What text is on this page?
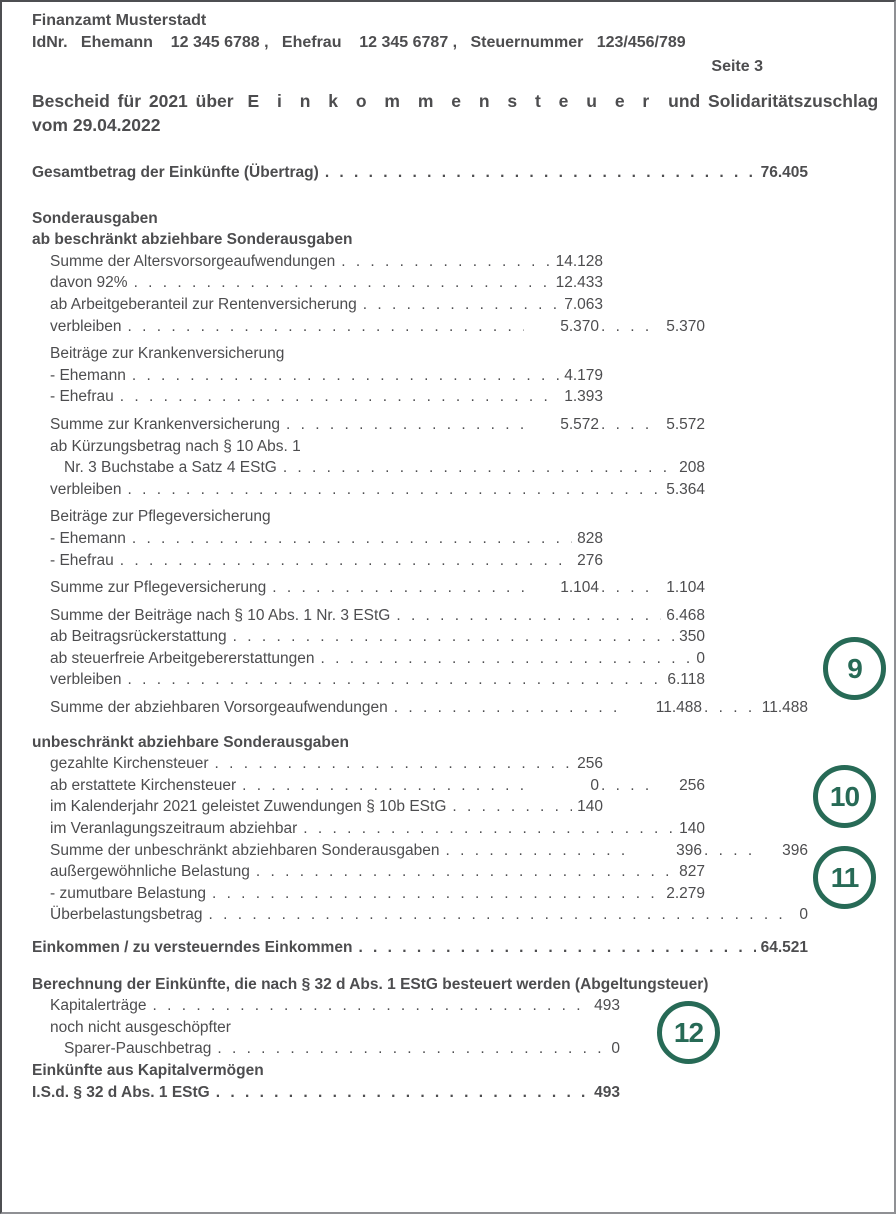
Finanzamt Musterstadt
IdNr.   Ehemann    12 345 6788 ,   Ehefrau    12 345 6787 ,   Steuernummer   123/456/789
Seite 3
Bescheid für 2021 über E i n k o m m e n s t e u e r und Solidaritätszuschlag
vom 29.04.2022
Gesamtbetrag der Einkünfte (Übertrag) . . .	76.405
Sonderausgaben
ab beschränkt abziehbare Sonderausgaben
Summe der Altersvorsorgeaufwendungen . . .	14.128
davon 92% . . .	12.433
ab Arbeitgeberanteil zur Rentenversicherung . . .	7.063
verbleiben . . .	5.370 . . .	5.370
Beiträge zur Krankenversicherung
- Ehemann . . .	4.179
- Ehefrau . . .	1.393
Summe zur Krankenversicherung . . .	5.572 . . .	5.572
ab Kürzungsbetrag nach § 10 Abs. 1
Nr. 3 Buchstabe a Satz 4 EStG . . .	208
verbleiben . . .	5.364
Beiträge zur Pflegeversicherung
- Ehemann . . .	828
- Ehefrau . . .	276
Summe zur Pflegeversicherung . . .	1.104 . . .	1.104
Summe der Beiträge nach § 10 Abs. 1 Nr. 3 EStG . . .	6.468
ab Beitragsrückerstattung . . .	350
ab steuerfreie Arbeitgebererstattungen . . .	0
verbleiben . . .	6.118
Summe der abziehbaren Vorsorgeaufwendungen . . .	11.488 . . .	11.488
unbeschränkt abziehbare Sonderausgaben
gezahlte Kirchensteuer . . .	256
ab erstattete Kirchensteuer . . .	0 . . .	256
im Kalenderjahr 2021 geleistet Zuwendungen § 10b EStG . . .	140
im Veranlagungszeitraum abziehbar . . .	140
Summe der unbeschränkt abziehbaren Sonderausgaben . . .	396 . . .	396
außergewöhnliche Belastung . . .	827
- zumutbare Belastung . . .	2.279
Überbelastungsbetrag . . .	0
Einkommen / zu versteuerndes Einkommen . . .	64.521
Berechnung der Einkünfte, die nach § 32 d Abs. 1 EStG besteuert werden (Abgeltungsteuer)
Kapitalerträge . . .	493
noch nicht ausgeschöpfter
Sparer-Pauschbetrag . . .	0
Einkünfte aus Kapitalvermögen
I.S.d. § 32 d Abs. 1 EStG . . .	493
9
10
11
12
